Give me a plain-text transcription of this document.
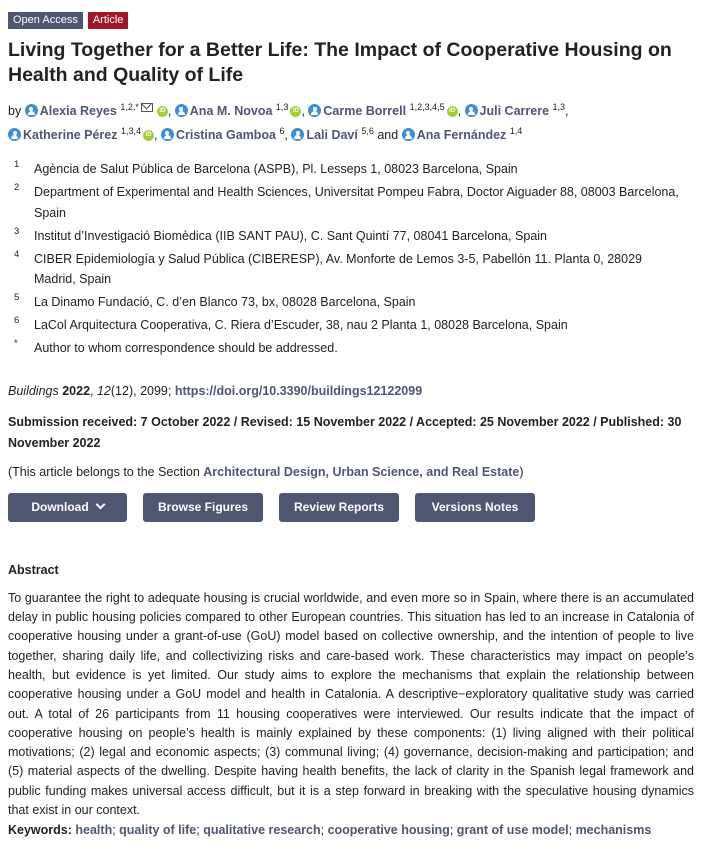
Open Access	Article
Living Together for a Better Life: The Impact of Cooperative Housing on Health and Quality of Life
by Alexia Reyes $^{1,2,*}$	iD , Ana M. Novoa $^{1,3}$ iD , Carme Borrell $^{1,2,3,4,5}$ iD , Juli Carrere $^{1,3}$,
Katherine Pérez $^{1,3,4}$ iD , Cristina Gamboa $^6$, Lali Daví $^{5,6}$ and Ana Fernández $^{1,4}$
1	Agència de Salut Pública de Barcelona (ASPB), Pl. Lesseps 1, 08023 Barcelona, Spain
2	Department of Experimental and Health Sciences, Universitat Pompeu Fabra, Doctor Aiguader 88, 08003 Barcelona, Spain
3	Institut d’Investigació Biomèdica (IIB SANT PAU), C. Sant Quintí 77, 08041 Barcelona, Spain
4	CIBER Epidemiología y Salud Pública (CIBERESP), Av. Monforte de Lemos 3-5, Pabellón 11. Planta 0, 28029 Madrid, Spain
5	La Dinamo Fundació, C. d’en Blanco 73, bx, 08028 Barcelona, Spain
6	LaCol Arquitectura Cooperativa, C. Riera d’Escuder, 38, nau 2 Planta 1, 08028 Barcelona, Spain
*	Author to whom correspondence should be addressed.
Buildings 2022, 12(12), 2099; https://doi.org/10.3390/buildings12122099
Submission received: 7 October 2022 / Revised: 15 November 2022 / Accepted: 25 November 2022 / Published: 30 November 2022
(This article belongs to the Section Architectural Design, Urban Science, and Real Estate)
Download	Browse Figures	Review Reports	Versions Notes
Abstract
To guarantee the right to adequate housing is crucial worldwide, and even more so in Spain, where there is an accumulated delay in public housing policies compared to other European countries. This situation has led to an increase in Catalonia of cooperative housing under a grant-of-use (GoU) model based on collective ownership, and the intention of people to live together, sharing daily life, and collectivizing risks and care-based work. These characteristics may impact on people’s health, but evidence is yet limited. Our study aims to explore the mechanisms that explain the relationship between cooperative housing under a GoU model and health in Catalonia. A descriptive−exploratory qualitative study was carried out. A total of 26 participants from 11 housing cooperatives were interviewed. Our results indicate that the impact of cooperative housing on people’s health is mainly explained by these components: (1) living aligned with their political motivations; (2) legal and economic aspects; (3) communal living; (4) governance, decision-making and participation; and (5) material aspects of the dwelling. Despite having health benefits, the lack of clarity in the Spanish legal framework and public funding makes universal access difficult, but it is a step forward in breaking with the speculative housing dynamics that exist in our context.
Keywords: health; quality of life; qualitative research; cooperative housing; grant of use model; mechanisms
